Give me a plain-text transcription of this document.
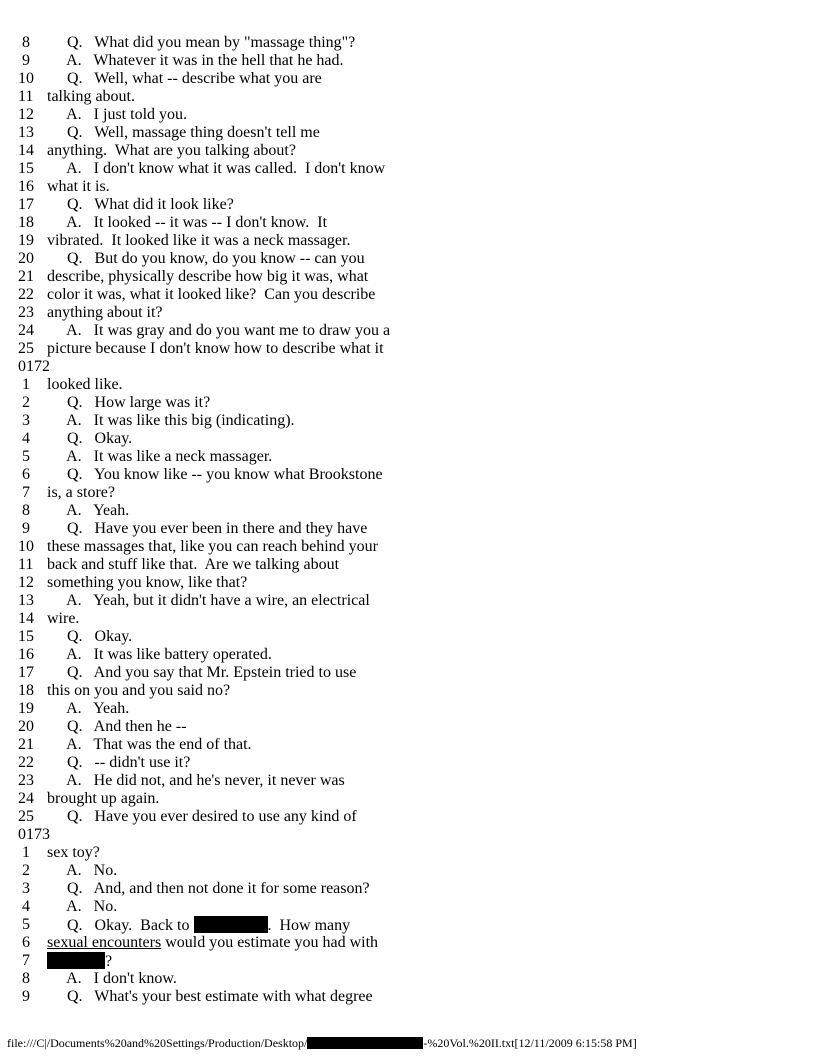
8     Q.   What did you mean by "massage thing"?
9     A.   Whatever it was in the hell that he had.
10     Q.   Well, what -- describe what you are
11 talking about.
12     A.   I just told you.
13     Q.   Well, massage thing doesn't tell me
14 anything.  What are you talking about?
15     A.   I don't know what it was called.  I don't know
16 what it is.
17     Q.   What did it look like?
18     A.   It looked -- it was -- I don't know.  It
19 vibrated.  It looked like it was a neck massager.
20     Q.   But do you know, do you know -- can you
21 describe, physically describe how big it was, what
22 color it was, what it looked like?  Can you describe
23 anything about it?
24     A.   It was gray and do you want me to draw you a
25 picture because I don't know how to describe what it
0172
1 looked like.
2     Q.   How large was it?
3     A.   It was like this big (indicating).
4     Q.   Okay.
5     A.   It was like a neck massager.
6     Q.   You know like -- you know what Brookstone
7 is, a store?
8     A.   Yeah.
9     Q.   Have you ever been in there and they have
10 these massages that, like you can reach behind your
11 back and stuff like that.  Are we talking about
12 something you know, like that?
13     A.   Yeah, but it didn't have a wire, an electrical
14 wire.
15     Q.   Okay.
16     A.   It was like battery operated.
17     Q.   And you say that Mr. Epstein tried to use
18 this on you and you said no?
19     A.   Yeah.
20     Q.   And then he --
21     A.   That was the end of that.
22     Q.   -- didn't use it?
23     A.   He did not, and he's never, it never was
24 brought up again.
25     Q.   Have you ever desired to use any kind of
0173
1 sex toy?
2     A.   No.
3     Q.   And, and then not done it for some reason?
4     A.   No.
5     Q.   Okay.  Back to	.  How many
6 sexual encounters would you estimate you had with
7	?
8     A.   I don't know.
9     Q.   What's your best estimate with what degree
file:///C|/Documents%20and%20Settings/Production/Desktop/	-%20Vol.%20II.txt[12/11/2009 6:15:58 PM]
